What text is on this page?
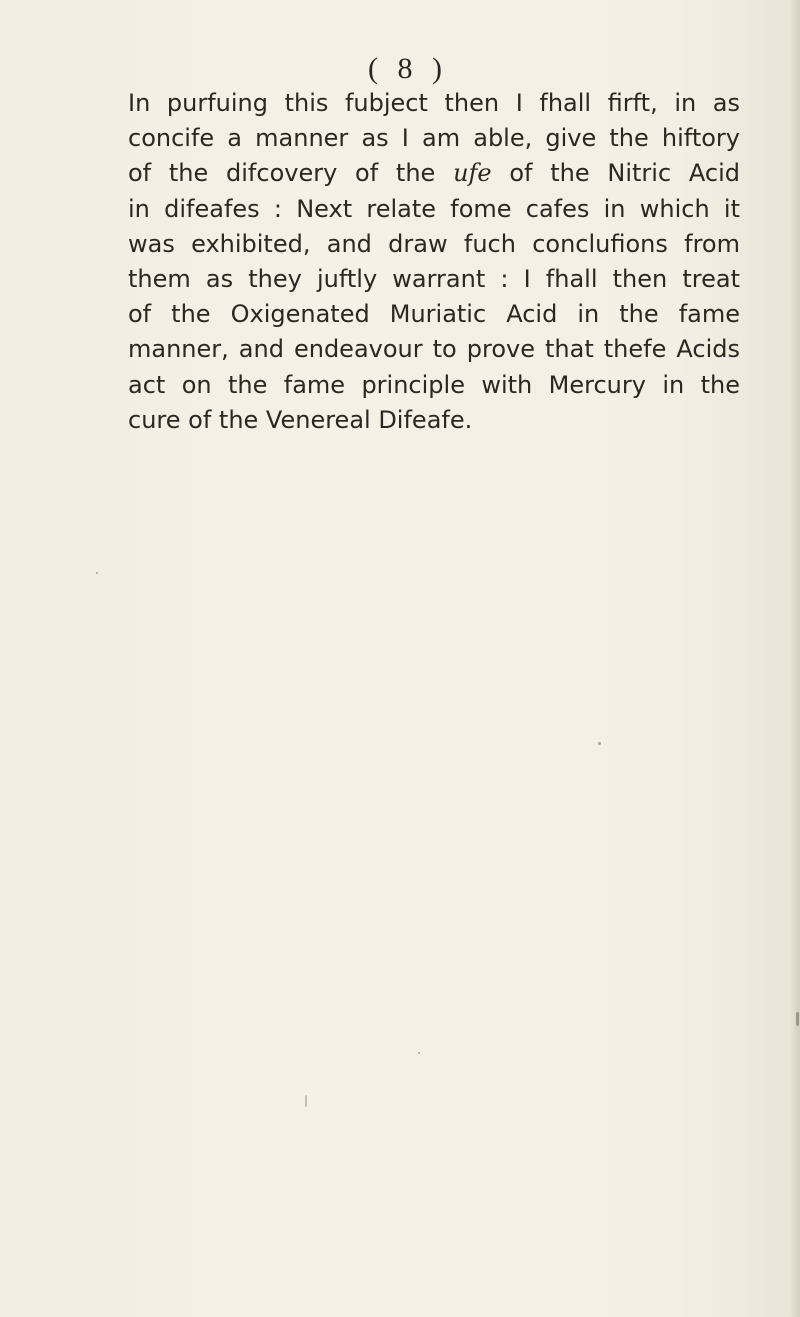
( 8 )
In purfuing this fubject then I fhall firft, in as
concife a manner as I am able, give the hiftory
of the difcovery of the ufe of the Nitric Acid
in difeafes : Next relate fome cafes in which it
was exhibited, and draw fuch conclufions from
them as they juftly warrant : I fhall then treat
of the Oxigenated Muriatic Acid in the fame
manner, and endeavour to prove that thefe Acids
act on the fame principle with Mercury in the
cure of the Venereal Difeafe.
